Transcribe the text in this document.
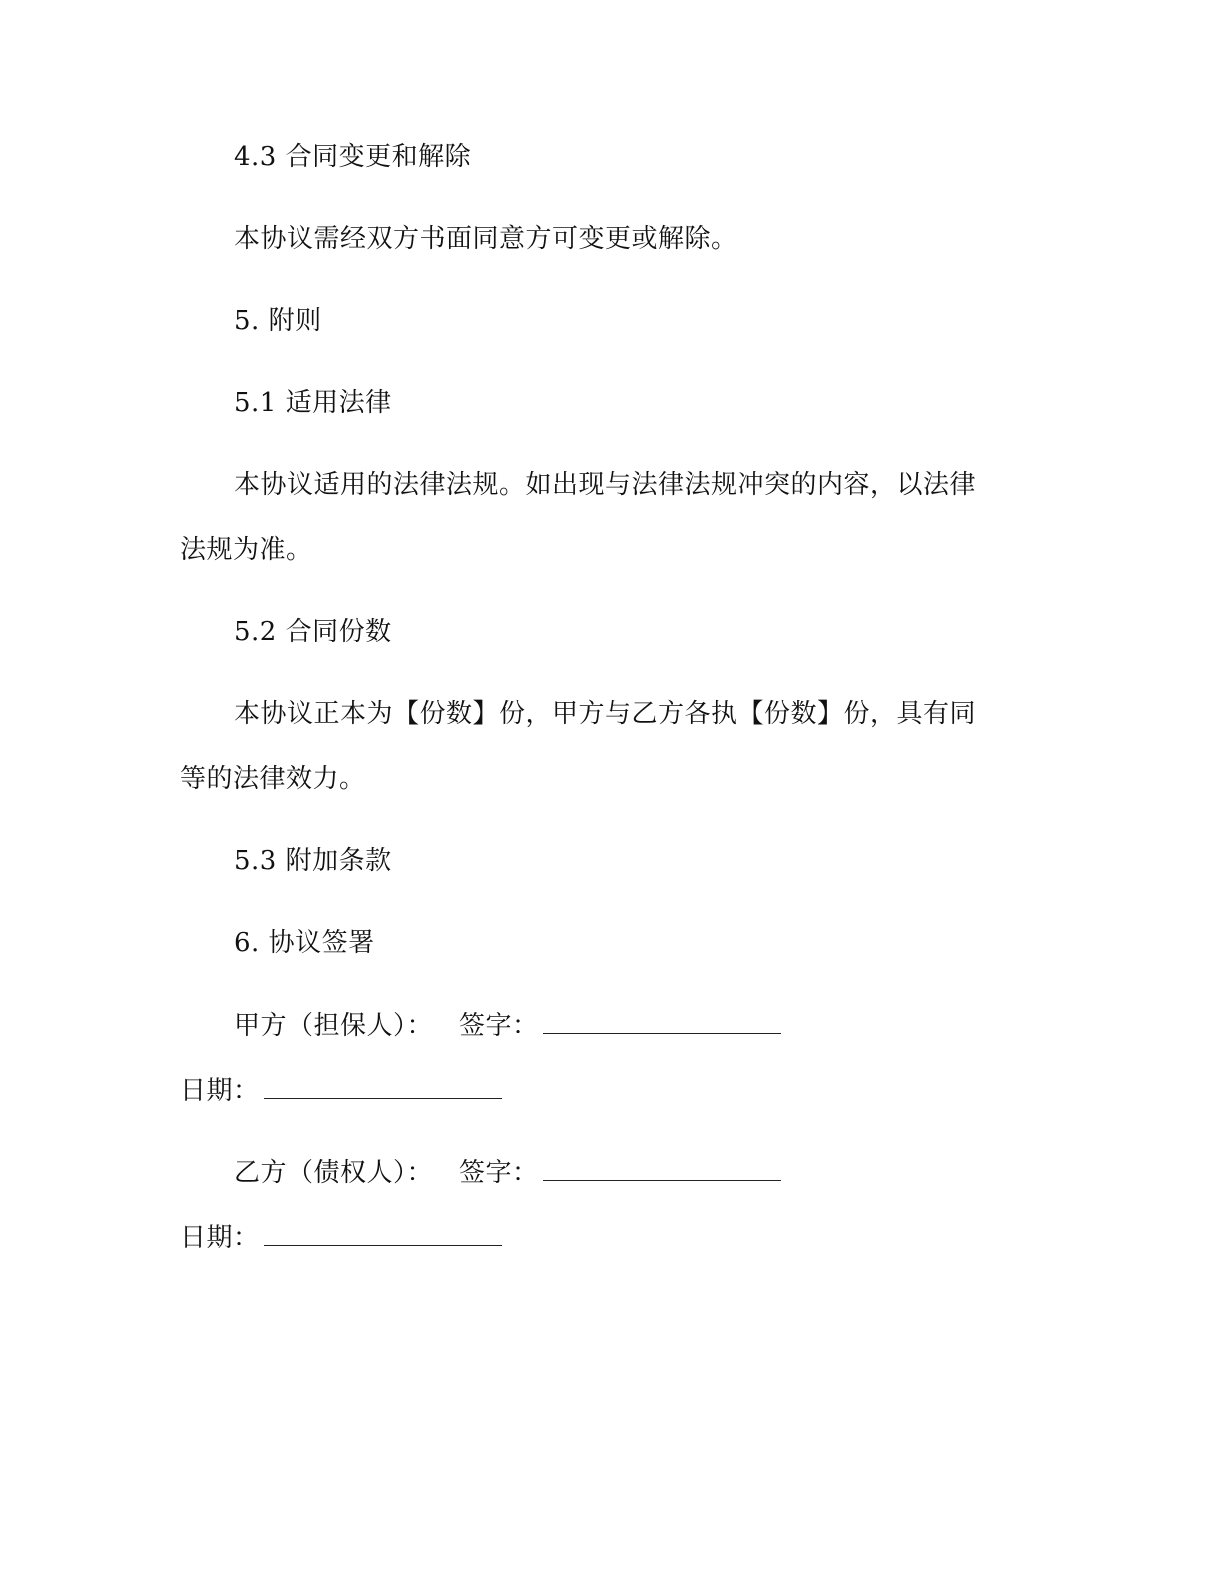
4.3 合同变更和解除
本协议需经双方书面同意方可变更或解除。
5. 附则
5.1 适用法律
本协议适用的法律法规。如出现与法律法规冲突的内容，以法律
法规为准。
5.2 合同份数
本协议正本为【份数】份，甲方与乙方各执【份数】份，具有同
等的法律效力。
5.3 附加条款
6. 协议签署
甲方（担保人）： 签字：
日期：
乙方（债权人）： 签字：
日期：
